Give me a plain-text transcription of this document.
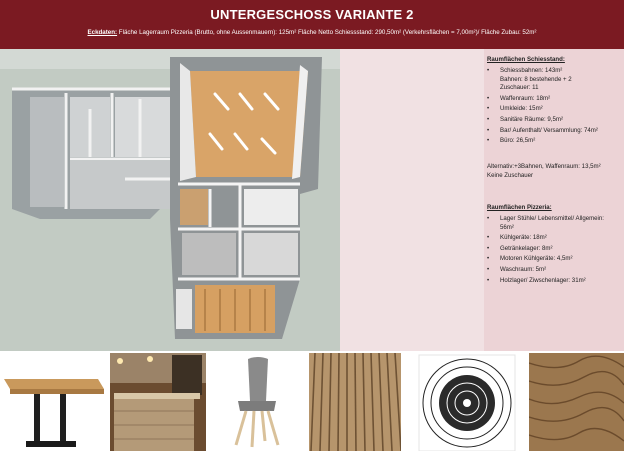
UNTERGESCHOSS VARIANTE 2
Eckdaten: Fläche Lagerraum Pizzeria (Brutto, ohne Aussenmauern): 125m² Fläche Netto Schiessstand: 290,50m² (Verkehrsflächen = 7,00m²)/ Fläche Zubau: 52m²
Raumflächen Schiesstand:
• Schiessbahnen: 143m²
Bahnen: 8 bestehende + 2
Zuschauer: 11
• Waffenraum: 18m²
• Umkleide: 15m²
• Sanitäre Räume: 9,5m²
• Bar/ Aufenthalt/ Versammlung: 74m²
• Büro: 26,5m²
Alternativ:+3Bahnen, Waffenraum: 13,5m²
Keine Zuschauer
Raumflächen Pizzeria:
• Lager Stühle/ Lebensmittel/ Allgemein:
56m²
• Kühlgeräte: 18m²
• Getränkelager: 8m²
• Motoren Kühlgeräte: 4,5m²
• Waschraum: 5m²
• Holzlager/ Ziwschenlager: 31m²
